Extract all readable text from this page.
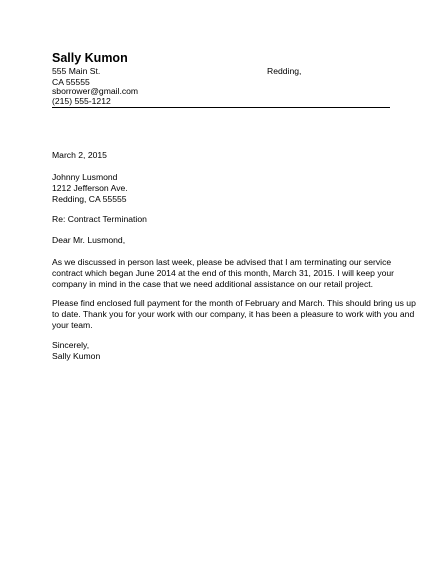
Sally Kumon
555 Main St.	Redding,
CA 55555
sborrower@gmail.com
(215) 555-1212
March 2, 2015
Johnny Lusmond
1212 Jefferson Ave.
Redding, CA 55555
Re: Contract Termination
Dear Mr. Lusmond,
As we discussed in person last week, please be advised that I am terminating our service
contract which began June 2014 at the end of this month, March 31, 2015. I will keep your
company in mind in the case that we need additional assistance on our retail project.
Please find enclosed full payment for the month of February and March. This should bring us up
to date. Thank you for your work with our company, it has been a pleasure to work with you and
your team.
Sincerely,
Sally Kumon
